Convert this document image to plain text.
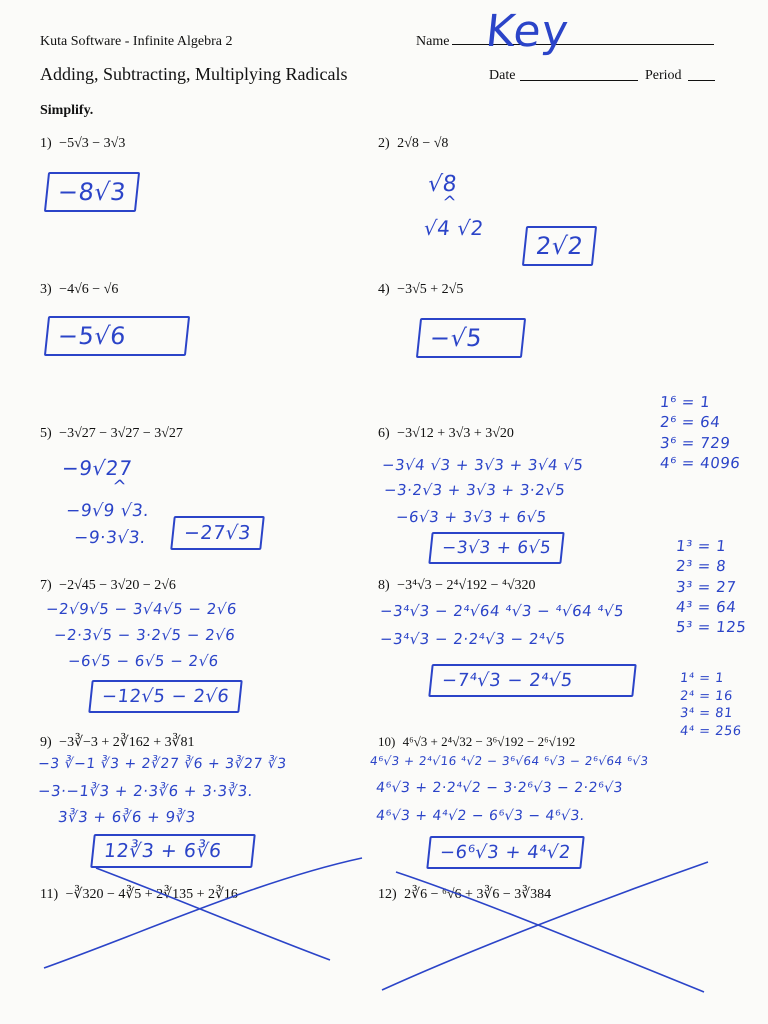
Kuta Software - Infinite Algebra 2	Name Key
Adding, Subtracting, Multiplying Radicals	Date	Period
Simplify.
1) −5√3 − 3√3
−8√3
2) 2√8 − √8
√8
^
√4 √2
2√2
3) −4√6 − √6
−5√6
4) −3√5 + 2√5
−√5
5) −3√27 − 3√27 − 3√27
−9√27
^
−9√9 √3.
−9·3√3.	−27√3
6) −3√12 + 3√3 + 3√20
−3√4 √3 + 3√3 + 3√4 √5
−3·2√3 + 3√3 + 3·2√5
−6√3 + 3√3 + 6√5
−3√3 + 6√5
7) −2√45 − 3√20 − 2√6
−2√9√5 − 3√4√5 − 2√6
−2·3√5 − 3·2√5 − 2√6
−6√5 − 6√5 − 2√6
−12√5 − 2√6
8) −3⁴√3 − 2⁴√192 − ⁴√320
−3⁴√3 − 2⁴√64 ⁴√3 − ⁴√64 ⁴√5
−3⁴√3 − 2·2⁴√3 − 2⁴√5
−7⁴√3 − 2⁴√5
9) −3∛−3 + 2∛162 + 3∛81
−3 ∛−1 ∛3 + 2∛27 ∛6 + 3∛27 ∛3
−3·−1∛3 + 2·3∛6 + 3·3∛3.
3∛3 + 6∛6 + 9∛3
12∛3 + 6∛6
10) 4⁶√3 + 2⁴√32 − 3⁶√192 − 2⁶√192
4⁶√3 + 2⁴√16 ⁴√2 − 3⁶√64 ⁶√3 − 2⁶√64 ⁶√3
4⁶√3 + 2·2⁴√2 − 3·2⁶√3 − 2·2⁶√3
4⁶√3 + 4⁴√2 − 6⁶√3 − 4⁶√3.
−6⁶√3 + 4⁴√2
11) −∛320 − 4∛5 + 2∛135 + 2∛16	12) 2∛6 − ⁶√6 + 3∛6 − 3∛384
1⁶ = 1
2⁶ = 64
3⁶ = 729
4⁶ = 4096
1³ = 1
2³ = 8
3³ = 27
4³ = 64
5³ = 125
1⁴ = 1
2⁴ = 16
3⁴ = 81
4⁴ = 256
